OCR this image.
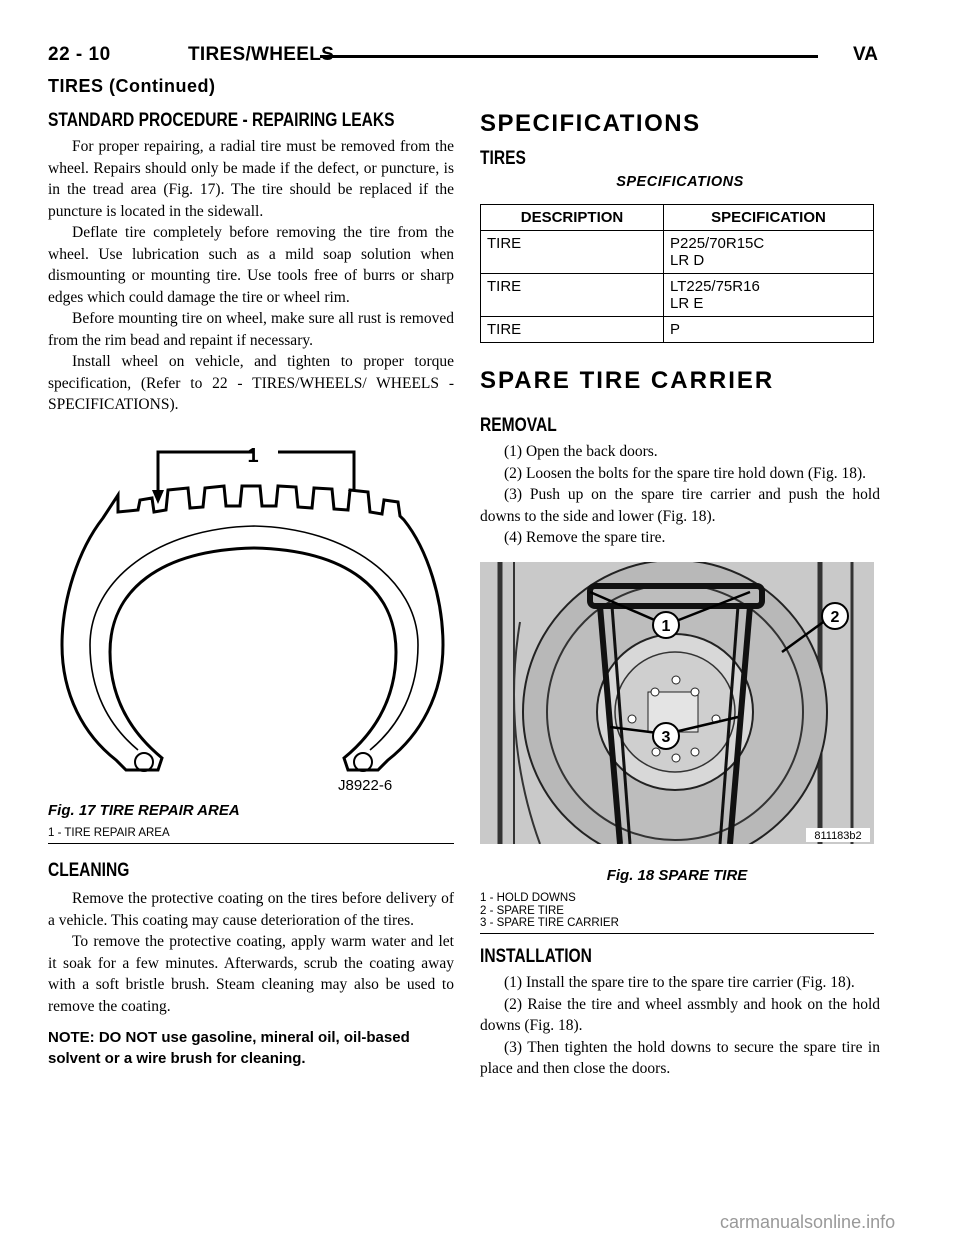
22 - 10	TIRES/WHEELS	VA
TIRES (Continued)
STANDARD PROCEDURE - REPAIRING LEAKS

For proper repairing, a radial tire must be removed from the wheel. Repairs should only be made if the defect, or puncture, is in the tread area (Fig. 17). The tire should be replaced if the puncture is located in the sidewall.

Deflate tire completely before removing the tire from the wheel. Use lubrication such as a mild soap solution when dismounting or mounting tire. Use tools free of burrs or sharp edges which could damage the tire or wheel rim.

Before mounting tire on wheel, make sure all rust is removed from the rim bead and repaint if necessary.

Install wheel on vehicle, and tighten to proper torque specification, (Refer to 22 - TIRES/WHEELS/ WHEELS - SPECIFICATIONS).

1
J8922-6
Fig. 17 TIRE REPAIR AREA
1 - TIRE REPAIR AREA
CLEANING

Remove the protective coating on the tires before delivery of a vehicle. This coating may cause deterioration of the tires.

To remove the protective coating, apply warm water and let it soak for a few minutes. Afterwards, scrub the coating away with a soft bristle brush. Steam cleaning may also be used to remove the coating.

NOTE: DO NOT use gasoline, mineral oil, oil-based solvent or a wire brush for cleaning.

SPECIFICATIONS
TIRES
SPECIFICATIONS
DESCRIPTION	SPECIFICATION
TIRE	P225/70R15C
LR D
TIRE	LT225/75R16
LR E
TIRE	P
SPARE TIRE CARRIER
REMOVAL

(1) Open the back doors.

(2) Loosen the bolts for the spare tire hold down (Fig. 18).

(3) Push up on the spare tire carrier and push the hold downs to the side and lower (Fig. 18).

(4) Remove the spare tire.

1
2
3
811183b2
Fig. 18 SPARE TIRE
1 - HOLD DOWNS
2 - SPARE TIRE
3 - SPARE TIRE CARRIER
INSTALLATION

(1) Install the spare tire to the spare tire carrier (Fig. 18).

(2) Raise the tire and wheel assmbly and hook on the hold downs (Fig. 18).

(3) Then tighten the hold downs to secure the spare tire in place and then close the doors.

carmanualsonline.info
